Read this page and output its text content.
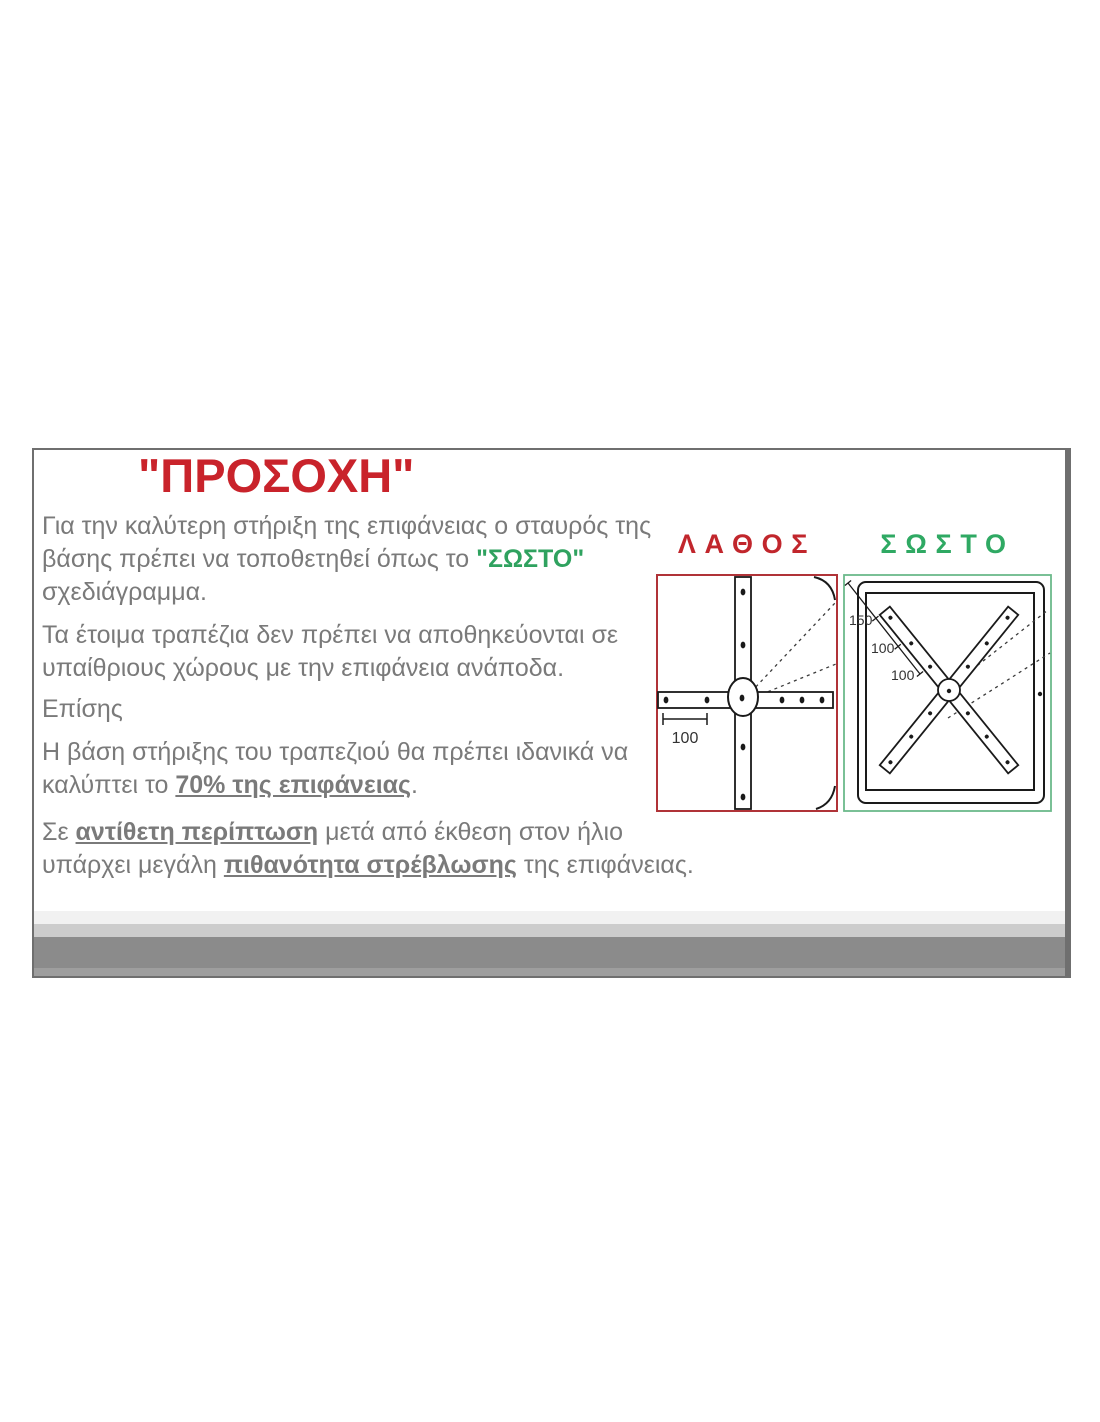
"ΠΡΟΣΟΧΗ"

Για την καλύτερη στήριξη της επιφάνειας ο σταυρός της βάσης πρέπει να τοποθετηθεί όπως το "ΣΩΣΤΟ" σχεδιάγραμμα.

Τα έτοιμα τραπέζια δεν πρέπει να αποθηκεύονται σε υπαίθριους χώρους με την επιφάνεια ανάποδα.

Επίσης

Η βάση στήριξης του τραπεζιού θα πρέπει ιδανικά να καλύπτει το 70% της επιφάνειας.

Σε αντίθετη περίπτωση μετά από έκθεση στον ήλιο υπάρχει μεγάλη πιθανότητα στρέβλωσης της επιφάνειας.

ΛΑΘΟΣ	ΣΩΣΤΟ
100
150
100
100
